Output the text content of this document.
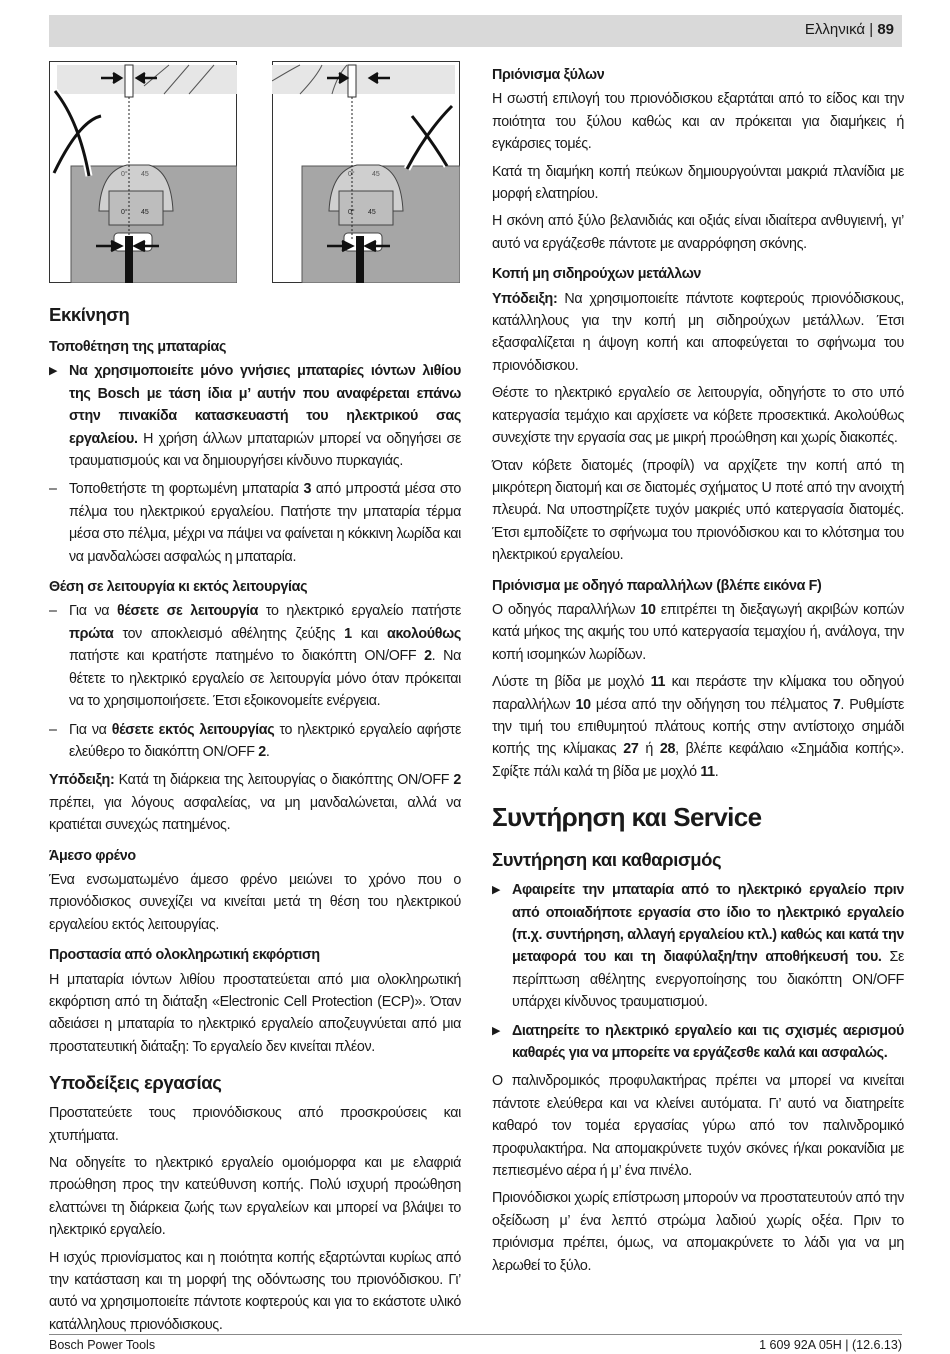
Ελληνικά | 89
0° 45
0° 45
0° 45
0° 45
Εκκίνηση
Τοποθέτηση της μπαταρίας
▶ Να χρησιμοποιείτε μόνο γνήσιες μπαταρίες ιόντων λιθίου της Bosch με τάση ίδια μ’ αυτήν που αναφέρεται επάνω στην πινακίδα κατασκευαστή του ηλεκτρικού σας εργαλείου. Η χρήση άλλων μπαταριών μπορεί να οδηγήσει σε τραυματισμούς και να δημιουργήσει κίνδυνο πυρκαγιάς.
– Τοποθετήστε τη φορτωμένη μπαταρία 3 από μπροστά μέσα στο πέλμα του ηλεκτρικού εργαλείου. Πατήστε την μπαταρία τέρμα μέσα στο πέλμα, μέχρι να πάψει να φαίνεται η κόκκινη λωρίδα και να μανδαλώσει ασφαλώς η μπαταρία.
Θέση σε λειτουργία κι εκτός λειτουργίας
– Για να θέσετε σε λειτουργία το ηλεκτρικό εργαλείο πατήστε πρώτα τον αποκλεισμό αθέλητης ζεύξης 1 και ακολούθως πατήστε και κρατήστε πατημένο το διακόπτη ON/OFF 2. Να θέτετε το ηλεκτρικό εργαλείο σε λειτουργία μόνο όταν πρόκειται να το χρησιμοποιήσετε. Έτσι εξοικονομείτε ενέργεια.
– Για να θέσετε εκτός λειτουργίας το ηλεκτρικό εργαλείο αφήστε ελεύθερο το διακόπτη ON/OFF 2.
Υπόδειξη: Κατά τη διάρκεια της λειτουργίας ο διακόπτης ON/OFF 2 πρέπει, για λόγους ασφαλείας, να μη μανδαλώνεται, αλλά να κρατιέται συνεχώς πατημένος.
Άμεσο φρένο
Ένα ενσωματωμένο άμεσο φρένο μειώνει το χρόνο που ο πριονόδισκος συνεχίζει να κινείται μετά τη θέση του ηλεκτρικού εργαλείου εκτός λειτουργίας.
Προστασία από ολοκληρωτική εκφόρτιση
Η μπαταρία ιόντων λιθίου προστατεύεται από μια ολοκληρωτική εκφόρτιση από τη διάταξη «Electronic Cell Protection (ECP)». Όταν αδειάσει η μπαταρία το ηλεκτρικό εργαλείο αποζευγνύεται από μια προστατευτική διάταξη: Το εργαλείο δεν κινείται πλέον.
Υποδείξεις εργασίας
Προστατεύετε τους πριονόδισκους από προσκρούσεις και χτυπήματα.
Να οδηγείτε το ηλεκτρικό εργαλείο ομοιόμορφα και με ελαφριά προώθηση προς την κατεύθυνση κοπής. Πολύ ισχυρή προώθηση ελαττώνει τη διάρκεια ζωής των εργαλείων και μπορεί να βλάψει το ηλεκτρικό εργαλείο.
Η ισχύς πριονίσματος και η ποιότητα κοπής εξαρτώνται κυρίως από την κατάσταση και τη μορφή της οδόντωσης του πριονόδισκου. Γι’ αυτό να χρησιμοποιείτε πάντοτε κοφτερούς και για το εκάστοτε υλικό κατάλληλους πριονόδισκους.
Πριόνισμα ξύλων
Η σωστή επιλογή του πριονόδισκου εξαρτάται από το είδος και την ποιότητα του ξύλου καθώς και αν πρόκειται για διαμήκεις ή εγκάρσιες τομές.
Κατά τη διαμήκη κοπή πεύκων δημιουργούνται μακριά πλανίδια με μορφή ελατηρίου.
Η σκόνη από ξύλο βελανιδιάς και οξιάς είναι ιδιαίτερα ανθυγιεινή, γι’ αυτό να εργάζεσθε πάντοτε με αναρρόφηση σκόνης.
Κοπή μη σιδηρούχων μετάλλων
Υπόδειξη: Να χρησιμοποιείτε πάντοτε κοφτερούς πριονόδισκους, κατάλληλους για την κοπή μη σιδηρούχων μετάλλων. Έτσι εξασφαλίζεται η άψογη κοπή και αποφεύγεται το σφήνωμα του πριονόδισκου.
Θέστε το ηλεκτρικό εργαλείο σε λειτουργία, οδηγήστε το στο υπό κατεργασία τεμάχιο και αρχίσετε να κόβετε προσεκτικά. Ακολούθως συνεχίστε την εργασία σας με μικρή προώθηση και χωρίς διακοπές.
Όταν κόβετε διατομές (προφίλ) να αρχίζετε την κοπή από τη μικρότερη διατομή και σε διατομές σχήματος U ποτέ από την ανοιχτή πλευρά. Να υποστηρίζετε τυχόν μακριές υπό κατεργασία διατομές. Έτσι εμποδίζετε το σφήνωμα του πριονόδισκου και το κλότσημα του ηλεκτρικού εργαλείου.
Πριόνισμα με οδηγό παραλλήλων (βλέπε εικόνα F)
Ο οδηγός παραλλήλων 10 επιτρέπει τη διεξαγωγή ακριβών κοπών κατά μήκος της ακμής του υπό κατεργασία τεμαχίου ή, ανάλογα, την κοπή ισομηκών λωρίδων.
Λύστε τη βίδα με μοχλό 11 και περάστε την κλίμακα του οδηγού παραλλήλων 10 μέσα από την οδήγηση του πέλματος 7. Ρυθμίστε την τιμή του επιθυμητού πλάτους κοπής στην αντίστοιχο σημάδι κοπής της κλίμακας 27 ή 28, βλέπε κεφάλαιο «Σημάδια κοπής». Σφίξτε πάλι καλά τη βίδα με μοχλό 11.
Συντήρηση και Service
Συντήρηση και καθαρισμός
▶ Αφαιρείτε την μπαταρία από το ηλεκτρικό εργαλείο πριν από οποιαδήποτε εργασία στο ίδιο το ηλεκτρικό εργαλείο (π.χ. συντήρηση, αλλαγή εργαλείου κτλ.) καθώς και κατά την μεταφορά του και τη διαφύλαξη/την αποθήκευσή του. Σε περίπτωση αθέλητης ενεργοποίησης του διακόπτη ON/OFF υπάρχει κίνδυνος τραυματισμού.
▶ Διατηρείτε το ηλεκτρικό εργαλείο και τις σχισμές αερισμού καθαρές για να μπορείτε να εργάζεσθε καλά και ασφαλώς.
Ο παλινδρομικός προφυλακτήρας πρέπει να μπορεί να κινείται πάντοτε ελεύθερα και να κλείνει αυτόματα. Γι’ αυτό να διατηρείτε καθαρό τον τομέα εργασίας γύρω από τον παλινδρομικό προφυλακτήρα. Να απομακρύνετε τυχόν σκόνες ή/και ροκανίδια με πεπιεσμένο αέρα ή μ’ ένα πινέλο.
Πριονόδισκοι χωρίς επίστρωση μπορούν να προστατευτούν από την οξείδωση μ’ ένα λεπτό στρώμα λαδιού χωρίς οξέα. Πριν το πριόνισμα πρέπει, όμως, να απομακρύνετε το λάδι για να μη λερωθεί το ξύλο.
Bosch Power Tools	1 609 92A 05H | (12.6.13)
